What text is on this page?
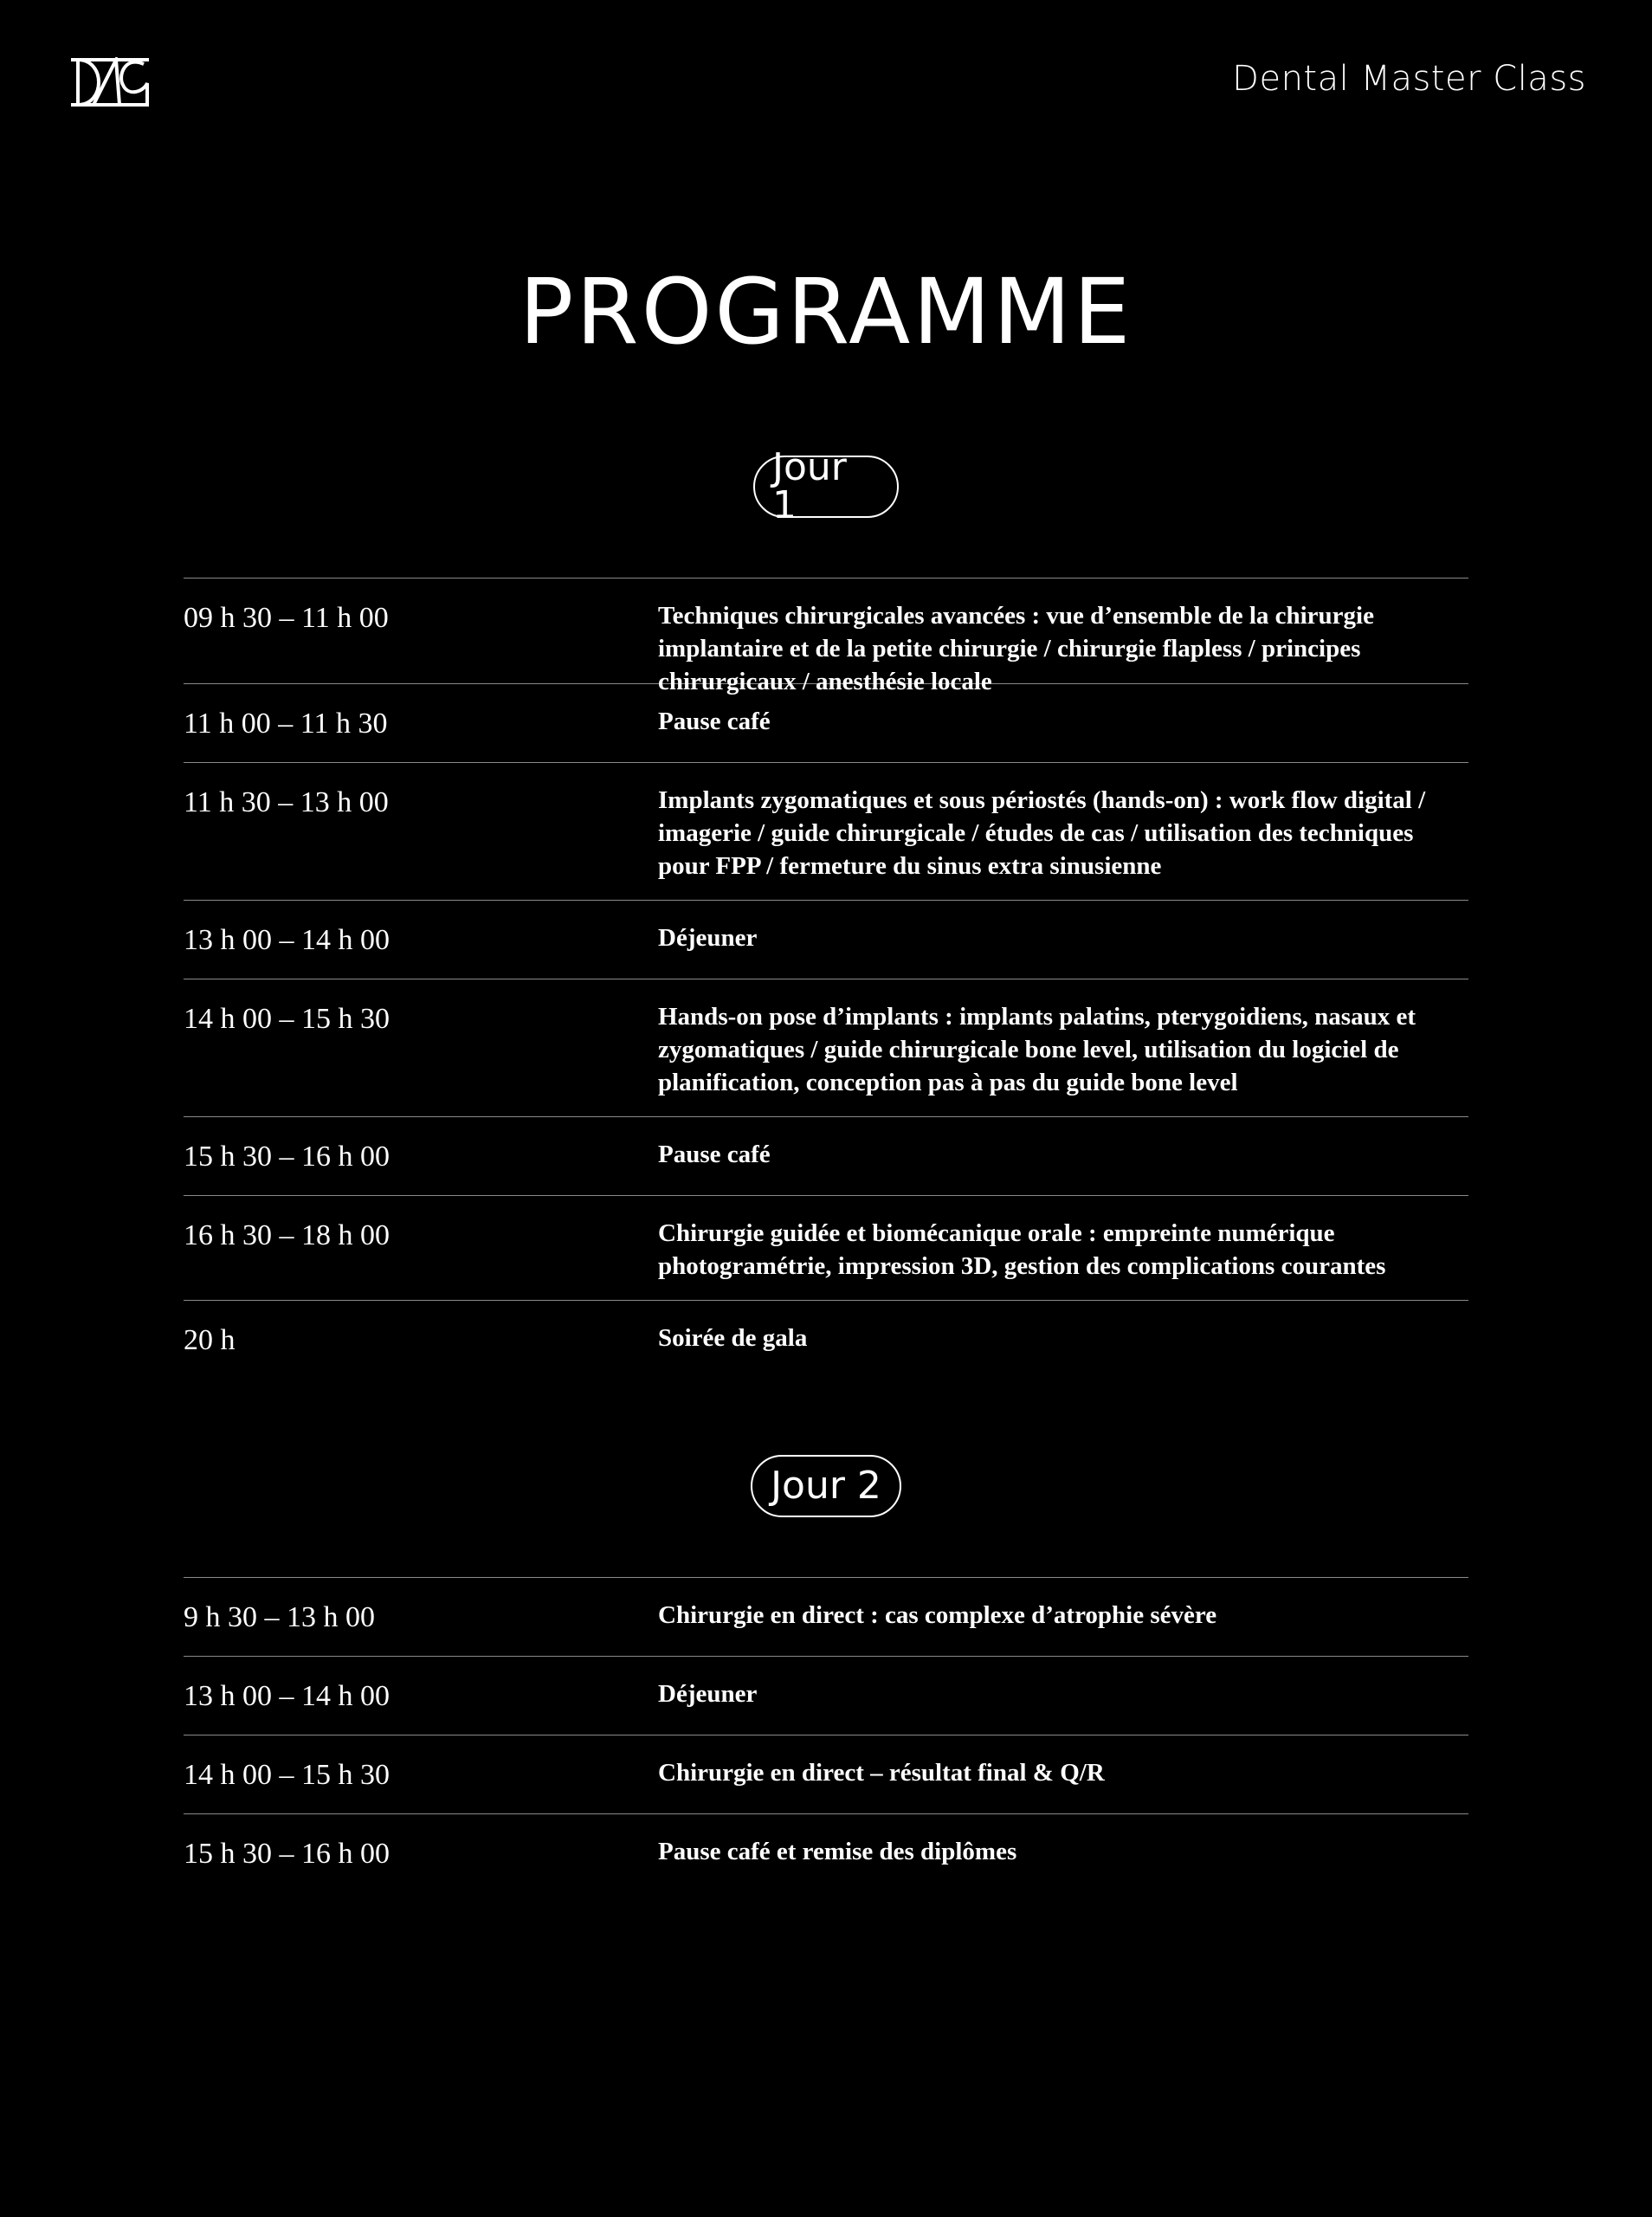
Dental Master Class
PROGRAMME
Jour 1
09 h 30 – 11 h 00	Techniques chirurgicales avancées : vue d’ensemble de la chirurgie implantaire et de la petite chirurgie / chirurgie flapless / principes chirurgicaux / anesthésie locale
11 h 00 – 11 h 30	Pause café
11 h 30 – 13 h 00	Implants zygomatiques et sous périostés (hands-on) : work flow digital / imagerie / guide chirurgicale / études de cas / utilisation des techniques pour FPP / fermeture du sinus extra sinusienne
13 h 00 – 14 h 00	Déjeuner
14 h 00 – 15 h 30	Hands-on pose d’implants : implants palatins, pterygoidiens, nasaux et zygomatiques / guide chirurgicale bone level, utilisation du logiciel de planification, conception pas à pas du guide bone level
15 h 30 – 16 h 00	Pause café
16 h 30 – 18 h 00	Chirurgie guidée et biomécanique orale : empreinte numérique photogramétrie, impression 3D, gestion des complications courantes
20 h	Soirée de gala
Jour 2
9 h 30 – 13 h 00	Chirurgie en direct : cas complexe d’atrophie sévère
13 h 00 – 14 h 00	Déjeuner
14 h 00 – 15 h 30	Chirurgie en direct – résultat final & Q/R
15 h 30 – 16 h 00	Pause café et remise des diplômes
